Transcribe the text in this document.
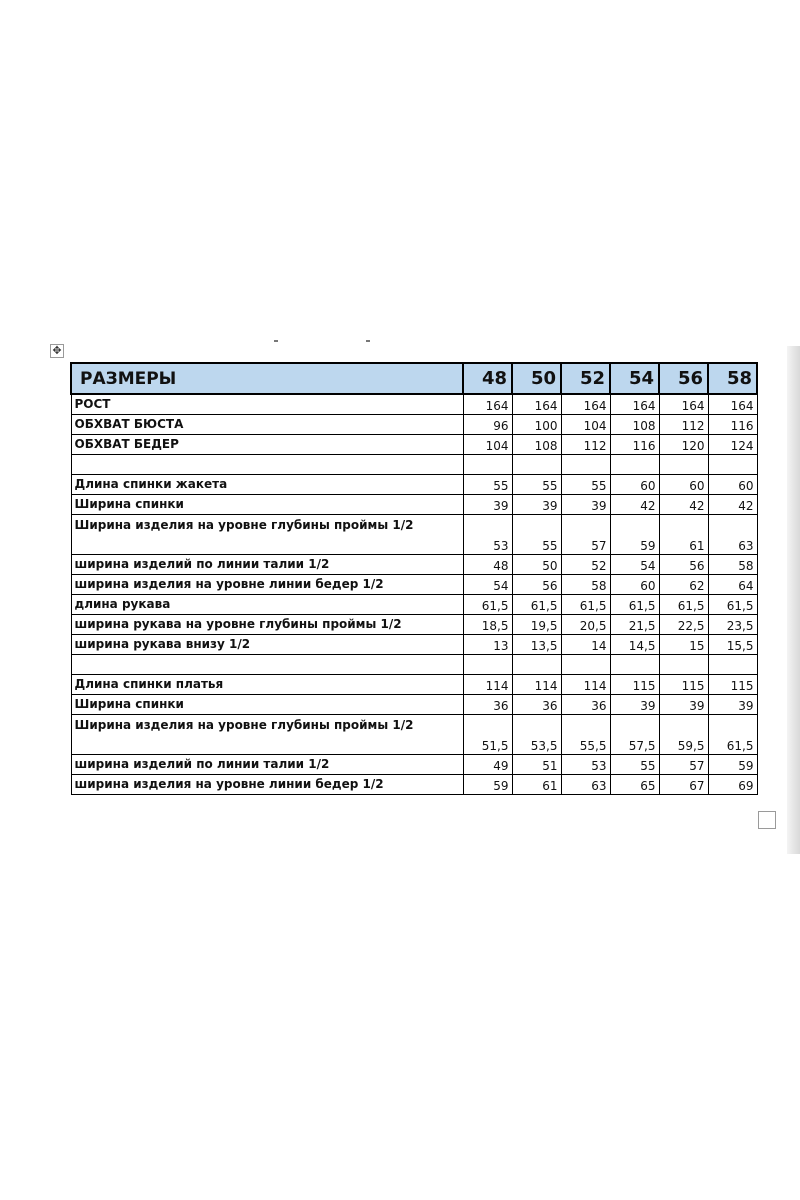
✥
РАЗМЕРЫ	48	50	52	54	56	58
РОСТ	164	164	164	164	164	164
ОБХВАТ БЮСТА	96	100	104	108	112	116
ОБХВАТ БЕДЕР	104	108	112	116	120	124

Длина спинки жакета	55	55	55	60	60	60
Ширина спинки	39	39	39	42	42	42
Ширина изделия на уровне глубины проймы 1/2	53	55	57	59	61	63
ширина изделий по линии талии 1/2	48	50	52	54	56	58
ширина изделия на уровне линии бедер 1/2	54	56	58	60	62	64
длина рукава	61,5	61,5	61,5	61,5	61,5	61,5
ширина рукава на уровне глубины проймы 1/2	18,5	19,5	20,5	21,5	22,5	23,5
ширина рукава внизу 1/2	13	13,5	14	14,5	15	15,5

Длина спинки платья	114	114	114	115	115	115
Ширина спинки	36	36	36	39	39	39
Ширина изделия на уровне глубины проймы 1/2	51,5	53,5	55,5	57,5	59,5	61,5
ширина изделий по линии талии 1/2	49	51	53	55	57	59
ширина изделия на уровне линии бедер 1/2	59	61	63	65	67	69
